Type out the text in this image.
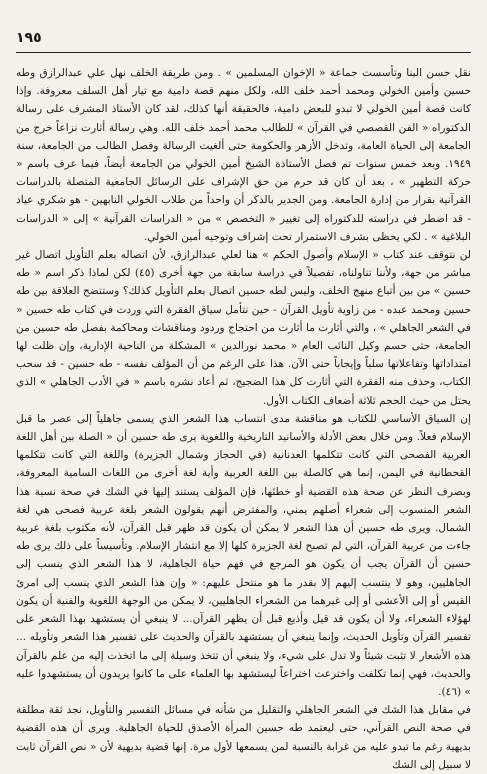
١٩٥

نقل حسن البنا وتأسست جماعة « الإخوان المسلمين » . ومن طريقة الخلف نهل علي عبدالرازق وطه حسين وأمين الخولي ومحمد أحمد خلف الله، ولكل منهم قصة دامية مع تيار أهل السلف معروفة. وإذا كانت قصة أمين الخولي لا تبدو للبعض دامية، فالحقيقة أنها كذلك، لقد كان الأستاذ المشرف على رسالة الدكتوراه « الفن القصصي في القرآن » للطالب محمد أحمد خلف الله. وهي رسالة أثارت نزاعاً خرج من الجامعة إلى الحياة العامة، وتدخل الأزهر والحكومة حتى ألغيت الرسالة وفصل الطالب من الجامعة، سنة ١٩٤٩. وبعد خمس سنوات تم فصل الأستاذة الشيخ أمين الخولي من الجامعة أيضاً، فيما عرف باسم « حركة التطهير » ، بعد أن كان قد حرم من حق الإشراف على الرسائل الجامعية المتصلة بالدراسات القرآنية بقرار من إدارة الجامعة. ومن الجدير بالذكر أن واحداً من طلاب الخولي النابهين - هو شكري عياد - قد اضطر في دراسته للدكتوراه إلى تغيير « التخصص » من « الدراسات القرآنية » إلى « الدراسات البلاغية » . لكي يحظى بشرف الاستمرار تحت إشراف وتوجيه أمين الخولي.

لن نتوقف عند كتاب « الإسلام وأصول الحكم » هنا لعلي عبدالرازق، لأن اتصاله بعلم التأويل اتصال غير مباشر من جهة، ولأننا تناولناه، تفصيلاً في دراسة سابقة من جهة أخرى (٤٥) لكن لماذا ذكر اسم « طه حسين » من بين أتباع منهج الخلف، وليس لطه حسين اتصال بعلم التأويل كذلك؟ وستتضح العلاقة بين طه حسين ومحمد عبده - من زاوية تأويل القرآن - حين نتأمل سياق الفقرة التي وردت في كتاب طه حسين « في الشعر الجاهلي » ، والتي أثارت ما أثارت من احتجاج وردود ومناقشات ومحاكمة بفصل طه حسين من الجامعة، حتى حسم وكيل النائب العام « محمد نورالدين » المشكلة من الناحية الإدارية، وإن ظلت لها امتداداتها وتفاعلاتها سلباً وإيجاباً حتى الآن. هذا على الرغم من أن المؤلف نفسه - طه حسين - قد سحب الكتاب، وحذف منه الفقرة التي أثارت كل هذا الضجيج، ثم أعاد نشره باسم « في الأدب الجاهلي » الذي يحتل من حيث الحجم ثلاثة أضعاف الكتاب الأول.

إن السياق الأساسي للكتاب هو مناقشة مدى انتساب هذا الشعر الذي يسمى جاهلياً إلى عصر ما قبل الإسلام فعلاً. ومن خلال بعض الأدلة والأسانيد التاريخية واللغوية يرى طه حسين أن « الصلة بين أهل اللغة العربية الفصحى التي كانت تتكلمها العدنانية (في الحجاز وشمال الجزيرة) واللغة التي كانت تتكلمها القحطانية في اليمن، إنما هي كالصلة بين اللغة العربية وأية لغة أخرى من اللغات السامية المعروفة، وبصرف النظر عن صحة هذه القضية أو خطئها، فإن المؤلف يستند إليها في الشك في صحة نسبة هذا الشعر المنسوب إلى شعراء أصلهم يمني، والمفترض أنهم يقولون الشعر بلغة عربية فصحى هي لغة الشمال. ويرى طه حسين أن هذا الشعر لا يمكن أن يكون قد ظهر قبل القرآن، لأنه مكتوب بلغة عربية جاءت من عربية القرآن، التي لم تصبح لغة الجزيرة كلها إلا مع انتشار الإسلام. وتأسيساً على ذلك يرى طه حسين أن القرآن يجب أن يكون هو المرجع في فهم حياة الجاهلية، لا هذا الشعر الذي ينسب إلى الجاهليين، وهو لا ينتسب إليهم إلا بقدر ما هو منتحل عليهم: « وإن هذا الشعر الذي ينسب إلى امرئ القيس أو إلى الأعشى أو إلى غيرهما من الشعراء الجاهليين، لا يمكن من الوجهة اللغوية والفنية أن يكون لهؤلاء الشعراء، ولا أن يكون قد قيل وأذيع قبل أن يظهر القرآن... لا ينبغي أن يستشهد بهذا الشعر على تفسير القرآن وتأويل الحديث، وإنما ينبغي أن يستشهد بالقرآن والحديث على تفسير هذا الشعر وتأويله ... هذه الأشعار لا تثبت شيئاً ولا تدل على شيء، ولا ينبغي أن تتخذ وسيلة إلى ما اتخذت إليه من علم بالقرآن والحديث، فهي إنما تكلفت واخترعت اختراعاً ليستشهد بها العلماء على ما كانوا يريدون أن يستشهدوا عليه » (٤٦).

في مقابل هذا الشك في الشعر الجاهلي والتقليل من شأنه في مسائل التفسير والتأويل، نجد ثقة مطلقة في صحة النص القرآني، حتى ليعتمد طه حسين المرأة الأصدق للحياة الجاهلية. ويرى أن هذه القضية بديهية رغم ما تبدو عليه من غرابة بالنسبة لمن يسمعها لأول مرة. إنها قضية بديهية لأن « نص القرآن ثابت لا سبيل إلى الشك
